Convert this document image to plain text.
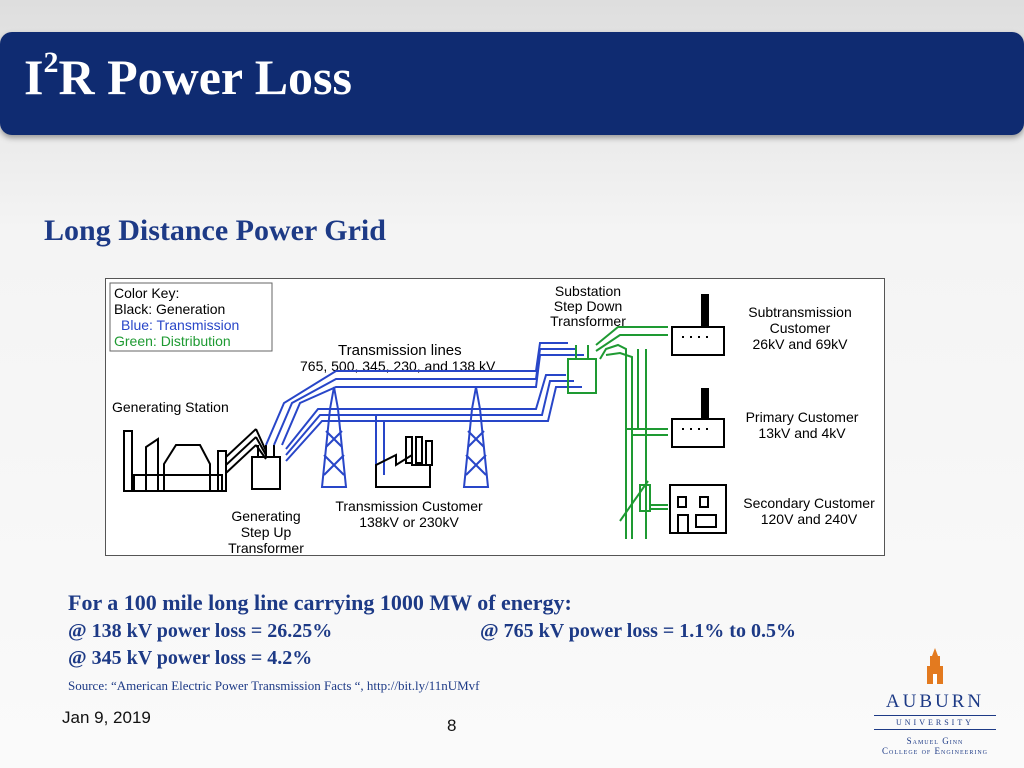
$I^2R$ Power Loss
Long Distance Power Grid
Color Key:
Black: Generation
Blue: Transmission
Green: Distribution
Transmission lines
765, 500, 345, 230, and 138 kV
Generating Station
Generating
Step Up
Transformer
Transmission Customer
138kV or 230kV
Substation
Step Down
Transformer
Subtransmission
Customer
26kV and 69kV
Primary Customer
13kV and 4kV
Secondary Customer
120V and 240V
For a 100 mile long line carrying 1000 MW of energy:
@ 138 kV power loss = 26.25%	@ 765 kV power loss = 1.1% to 0.5%
@ 345 kV power loss = 4.2%
Source: “American Electric Power Transmission Facts “, http://bit.ly/11nUMvf
Jan 9, 2019	8
AUBURN
UNIVERSITY
Samuel Ginn
College of Engineering
